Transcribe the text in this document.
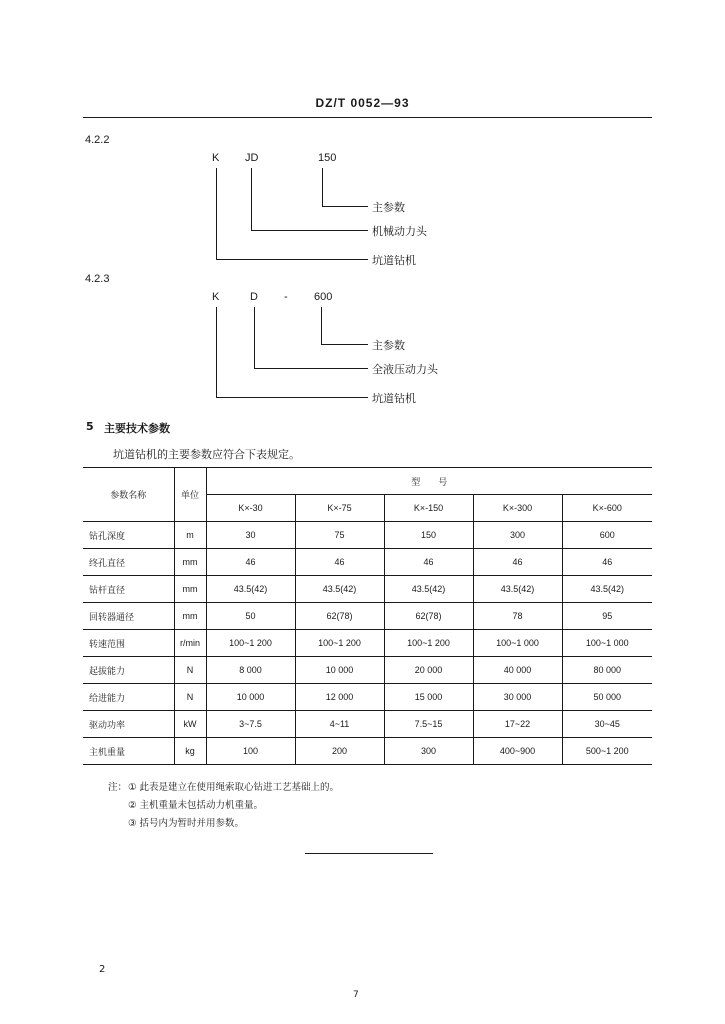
DZ/T 0052—93
4.2.2
K JD	150
主参数
机械动力头
坑道钻机
4.2.3
K	D - 600
主参数
全液压动力头
坑道钻机
5 主要技术参数
坑道钻机的主要参数应符合下表规定。
参数名称	单位	型　　号				
		K×-30	K×-75	K×-150	K×-300	K×-600
钻孔深度	m	30	75	150	300	600
终孔直径	mm	46	46	46	46	46
钻杆直径	mm	43.5(42)	43.5(42)	43.5(42)	43.5(42)	43.5(42)
回转器通径	mm	50	62(78)	62(78)	78	95
转速范围	r/min	100~1 200	100~1 200	100~1 200	100~1 000	100~1 000
起拔能力	N	8 000	10 000	20 000	40 000	80 000
给进能力	N	10 000	12 000	15 000	30 000	50 000
驱动功率	kW	3~7.5	4~11	7.5~15	17~22	30~45
主机重量	kg	100	200	300	400~900	500~1 200
注： ① 此表是建立在使用绳索取心钻进工艺基础上的。
② 主机重量未包括动力机重量。
③ 括号内为暂时并用参数。
2
7
